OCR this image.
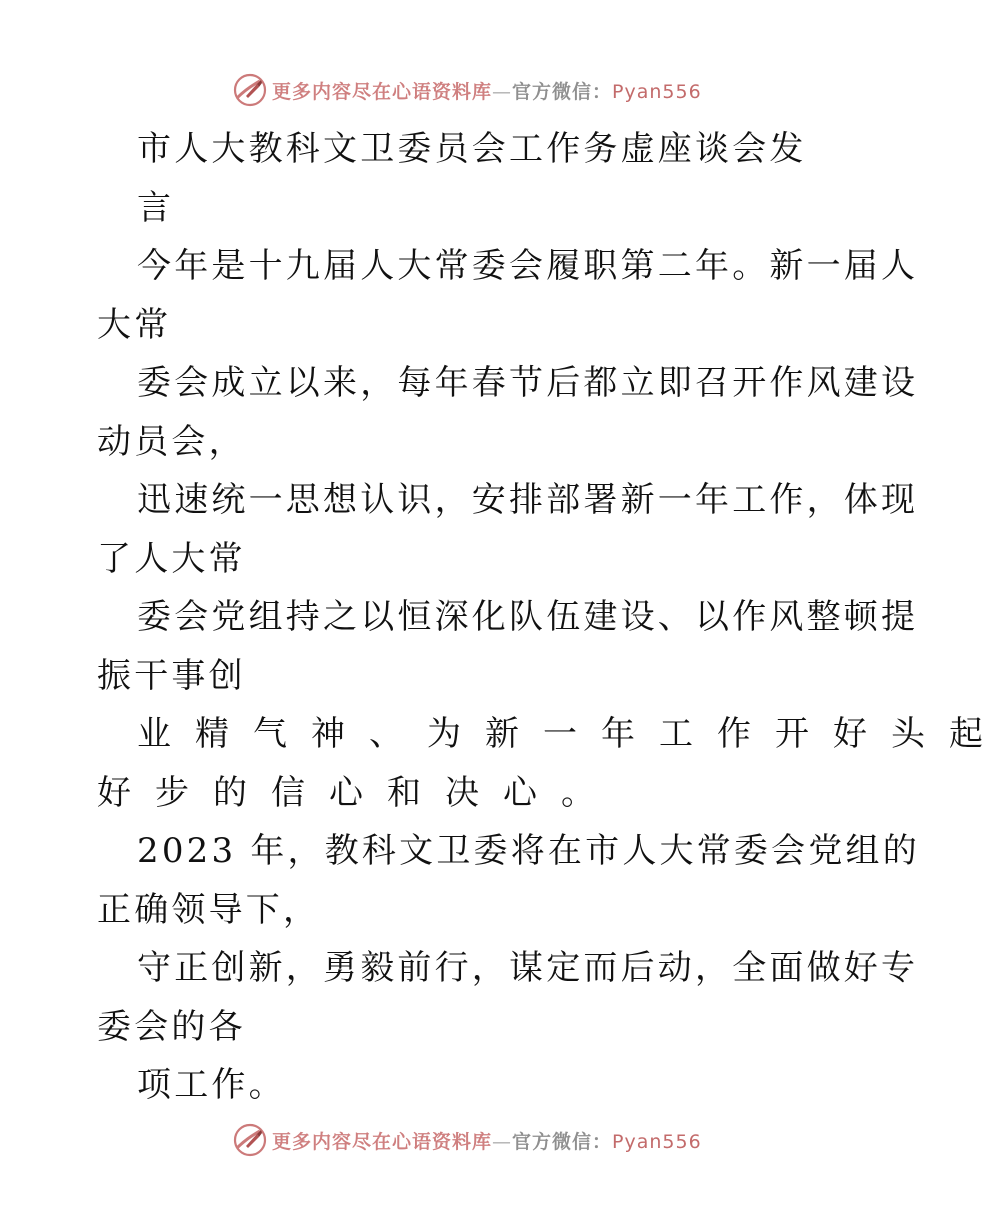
更多内容尽在心语资料库—官方微信：Pyan556
市人大教科文卫委员会工作务虚座谈会发
言
今年是十九届人大常委会履职第二年。新一届人
大常
委会成立以来，每年春节后都立即召开作风建设
动员会，
迅速统一思想认识，安排部署新一年工作，体现
了人大常
委会党组持之以恒深化队伍建设、以作风整顿提
振干事创
业精气神、为新一年工作开好头起
好步的信心和决心。
2023 年，教科文卫委将在市人大常委会党组的
正确领导下，
守正创新，勇毅前行，谋定而后动，全面做好专
委会的各
项工作。
更多内容尽在心语资料库—官方微信：Pyan556
